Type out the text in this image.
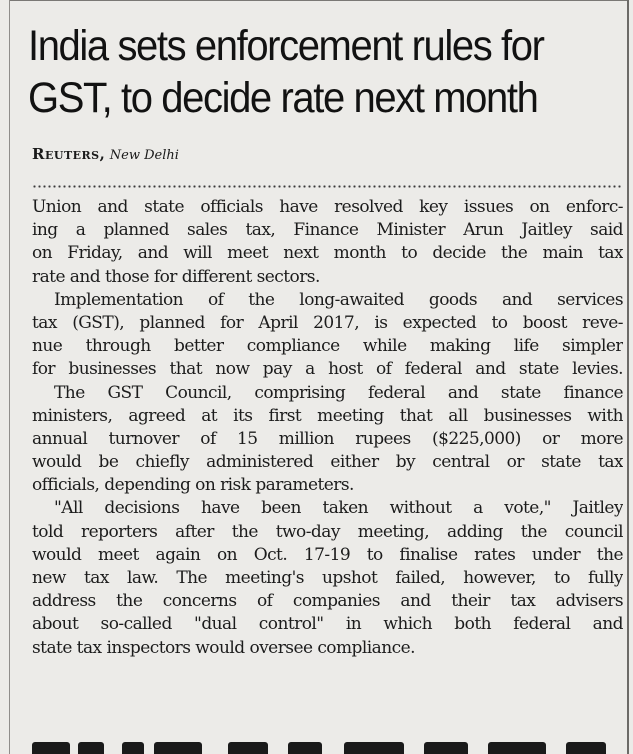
India sets enforcement rules for
GST, to decide rate next month
Reuters, New Delhi
Union and state officials have resolved key issues on enforc-
ing a planned sales tax, Finance Minister Arun Jaitley said
on Friday, and will meet next month to decide the main tax
rate and those for different sectors.
Implementation of the long-awaited goods and services
tax (GST), planned for April 2017, is expected to boost reve-
nue through better compliance while making life simpler
for businesses that now pay a host of federal and state levies.
The GST Council, comprising federal and state finance
ministers, agreed at its first meeting that all businesses with
annual turnover of 15 million rupees ($225,000) or more
would be chiefly administered either by central or state tax
officials, depending on risk parameters.
"All decisions have been taken without a vote," Jaitley
told reporters after the two-day meeting, adding the council
would meet again on Oct. 17-19 to finalise rates under the
new tax law. The meeting's upshot failed, however, to fully
address the concerns of companies and their tax advisers
about so-called "dual control" in which both federal and
state tax inspectors would oversee compliance.
